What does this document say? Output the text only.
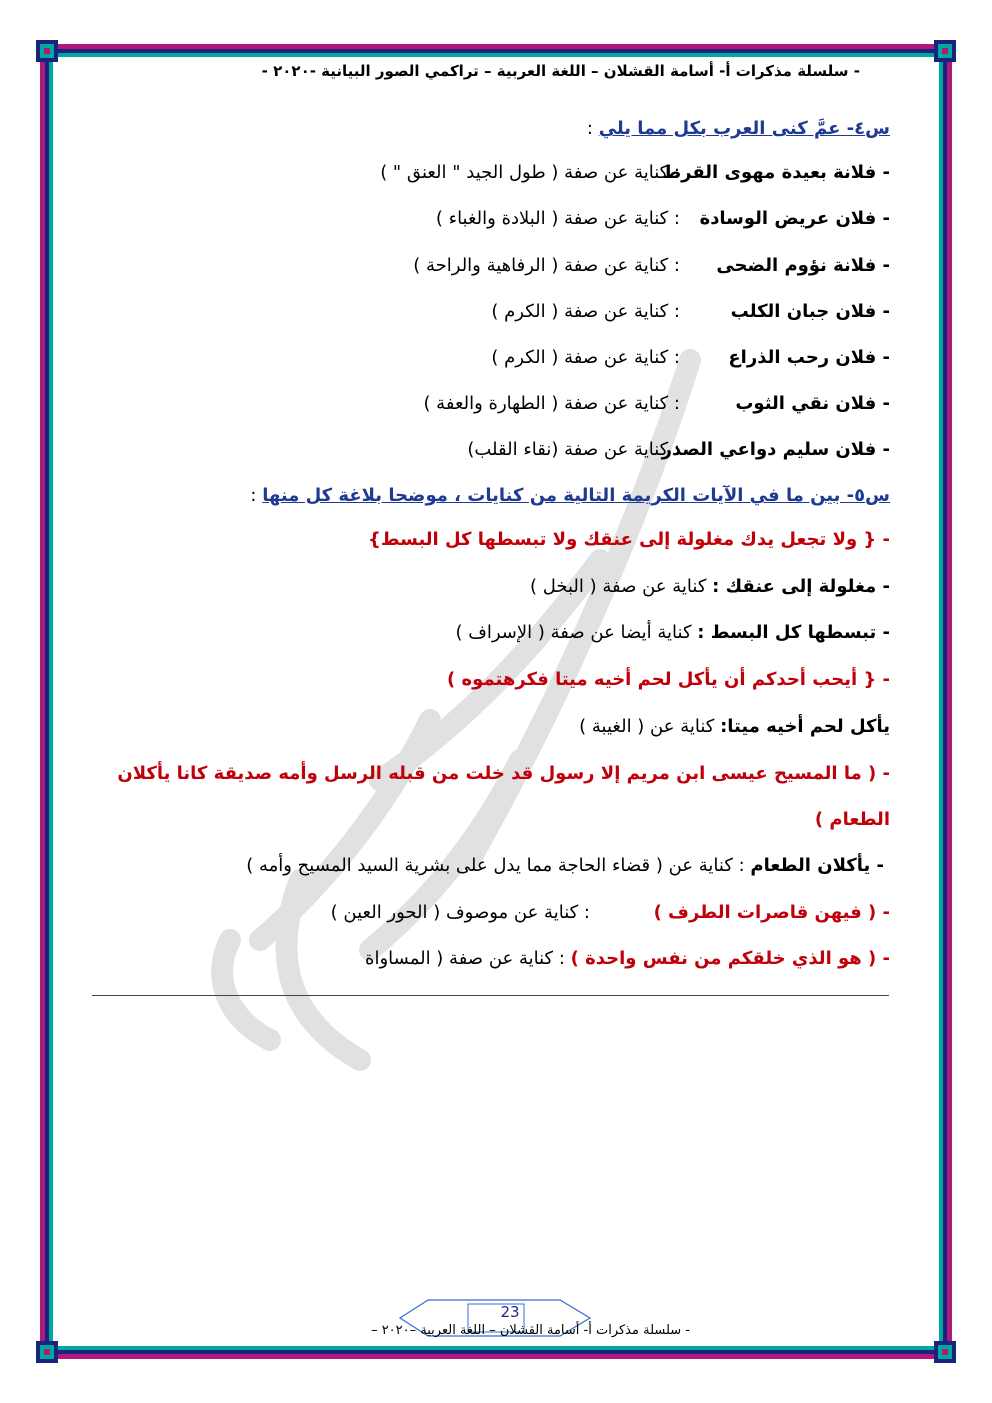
- سلسلة مذكرات أ- أسامة القشلان – اللغة العربية – تراكمي الصور البيانية -٢٠٢٠ -
س٤- عمَّ كنى العرب بكل مما يلي :
- فلانة بعيدة مهوى القرط: كناية عن صفة ( طول الجيد " العنق " )
- فلان عريض الوسادة: كناية عن صفة ( البلادة والغباء )
- فلانة نؤوم الضحى: كناية عن صفة ( الرفاهية والراحة )
- فلان جبان الكلب: كناية عن صفة ( الكرم )
- فلان رحب الذراع: كناية عن صفة ( الكرم )
- فلان نقي الثوب: كناية عن صفة ( الطهارة والعفة )
- فلان سليم دواعي الصدر: كناية عن صفة (نقاء القلب)
س٥- بين ما في الآيات الكريمة التالية من كنايات ، موضحا بلاغة كل منها :
- { ولا تجعل يدك مغلولة إلى عنقك ولا تبسطها كل البسط}
- مغلولة إلى عنقك : كناية عن صفة ( البخل )
- تبسطها كل البسط : كناية أيضا عن صفة ( الإسراف )
- { أيحب أحدكم أن يأكل لحم أخيه ميتا فكرهتموه )
يأكل لحم أخيه ميتا: كناية عن ( الغيبة )
- ( ما المسيح عيسى ابن مريم إلا رسول قد خلت من قبله الرسل وأمه صديقة كانا يأكلان
الطعام )
- يأكلان الطعام : كناية عن ( قضاء الحاجة مما يدل على بشرية السيد المسيح وأمه )
- ( فيهن قاصرات الطرف ): كناية عن موصوف ( الحور العين )
- ( هو الذي خلقكم من نفس واحدة ) : كناية عن صفة ( المساواة
23
- سلسلة مذكرات أ- أسامة القشلان – اللغة العربية –٢٠٢٠ –
